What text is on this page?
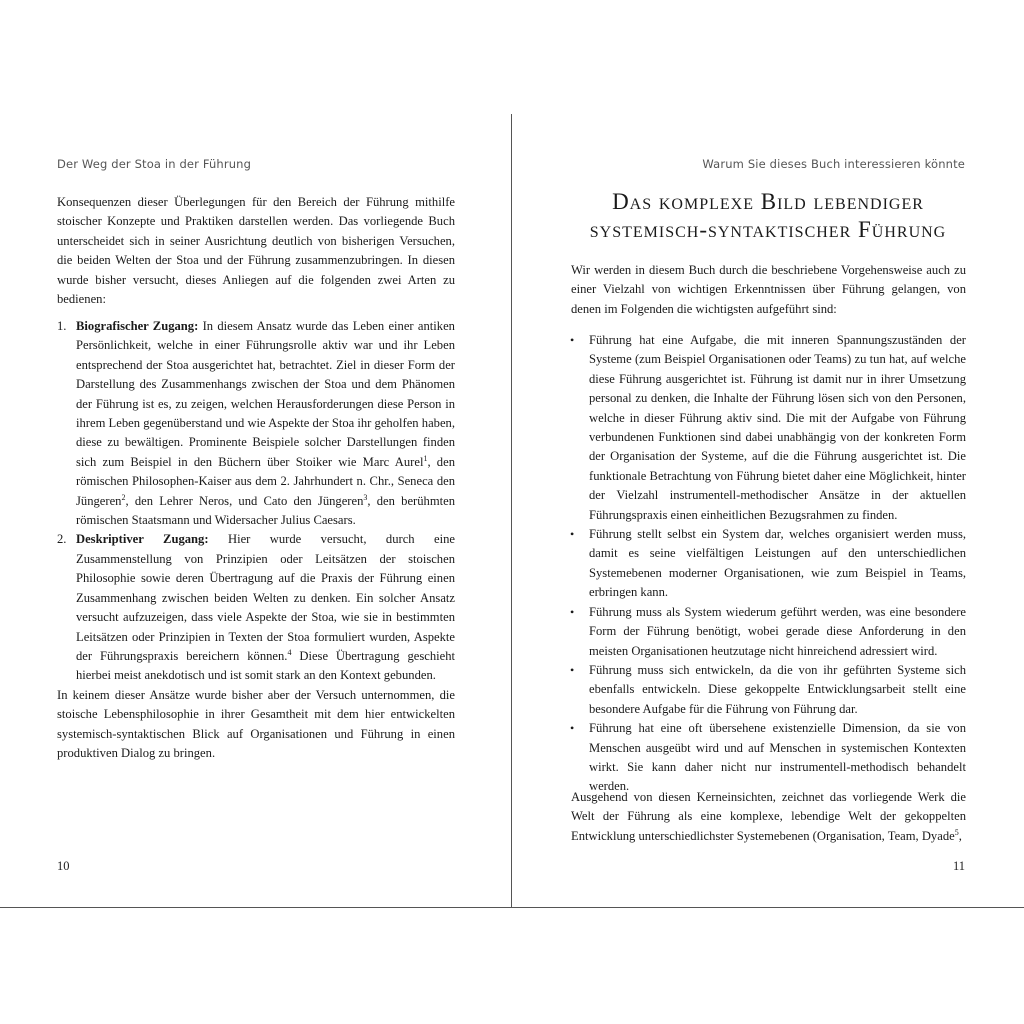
Der Weg der Stoa in der Führung

Konsequenzen dieser Überlegungen für den Bereich der Führung mithilfe stoischer Konzepte und Praktiken darstellen werden. Das vorliegende Buch unterscheidet sich in seiner Ausrichtung deutlich von bisherigen Versuchen, die beiden Welten der Stoa und der Führung zusammenzubringen. In diesen wurde bisher versucht, dieses Anliegen auf die folgenden zwei Arten zu bedienen:

1. Biografischer Zugang: In diesem Ansatz wurde das Leben einer antiken Persönlichkeit, welche in einer Führungsrolle aktiv war und ihr Leben entsprechend der Stoa ausgerichtet hat, betrachtet. Ziel in dieser Form der Darstellung des Zusammenhangs zwischen der Stoa und dem Phänomen der Führung ist es, zu zeigen, welchen Herausforderungen diese Person in ihrem Leben gegenüberstand und wie Aspekte der Stoa ihr geholfen haben, diese zu bewältigen. Prominente Beispiele solcher Darstellungen finden sich zum Beispiel in den Büchern über Stoiker wie Marc Aurel$^1$, den römischen Philosophen-Kaiser aus dem 2. Jahrhundert n. Chr., Seneca den Jüngeren$^2$, den Lehrer Neros, und Cato den Jüngeren$^3$, den berühmten römischen Staatsmann und Widersacher Julius Caesars.
2. Deskriptiver Zugang: Hier wurde versucht, durch eine Zusammenstellung von Prinzipien oder Leitsätzen der stoischen Philosophie sowie deren Übertragung auf die Praxis der Führung einen Zusammenhang zwischen beiden Welten zu denken. Ein solcher Ansatz versucht aufzuzeigen, dass viele Aspekte der Stoa, wie sie in bestimmten Leitsätzen oder Prinzipien in Texten der Stoa formuliert wurden, Aspekte der Führungspraxis bereichern können.$^4$ Diese Übertragung geschieht hierbei meist anekdotisch und ist somit stark an den Kontext gebunden.

In keinem dieser Ansätze wurde bisher aber der Versuch unternommen, die stoische Lebensphilosophie in ihrer Gesamtheit mit dem hier entwickelten systemisch-syntaktischen Blick auf Organisationen und Führung in einen produktiven Dialog zu bringen.

10
Warum Sie dieses Buch interessieren könnte
Das komplexe Bild lebendiger
systemisch-syntaktischer Führung

Wir werden in diesem Buch durch die beschriebene Vorgehensweise auch zu einer Vielzahl von wichtigen Erkenntnissen über Führung gelangen, von denen im Folgenden die wichtigsten aufgeführt sind:

• Führung hat eine Aufgabe, die mit inneren Spannungszuständen der Systeme (zum Beispiel Organisationen oder Teams) zu tun hat, auf welche diese Führung ausgerichtet ist. Führung ist damit nur in ihrer Umsetzung personal zu denken, die Inhalte der Führung lösen sich von den Personen, welche in dieser Führung aktiv sind. Die mit der Aufgabe von Führung verbundenen Funktionen sind dabei unabhängig von der konkreten Form der Organisation der Systeme, auf die die Führung ausgerichtet ist. Die funktionale Betrachtung von Führung bietet daher eine Möglichkeit, hinter der Vielzahl instrumentell-methodischer Ansätze in der aktuellen Führungspraxis einen einheitlichen Bezugsrahmen zu finden.
• Führung stellt selbst ein System dar, welches organisiert werden muss, damit es seine vielfältigen Leistungen auf den unterschiedlichen Systemebenen moderner Organisationen, wie zum Beispiel in Teams, erbringen kann.
• Führung muss als System wiederum geführt werden, was eine besondere Form der Führung benötigt, wobei gerade diese Anforderung in den meisten Organisationen heutzutage nicht hinreichend adressiert wird.
• Führung muss sich entwickeln, da die von ihr geführten Systeme sich ebenfalls entwickeln. Diese gekoppelte Entwicklungsarbeit stellt eine besondere Aufgabe für die Führung von Führung dar.
• Führung hat eine oft übersehene existenzielle Dimension, da sie von Menschen ausgeübt wird und auf Menschen in systemischen Kontexten wirkt. Sie kann daher nicht nur instrumentell-methodisch behandelt werden.

Ausgehend von diesen Kerneinsichten, zeichnet das vorliegende Werk die Welt der Führung als eine komplexe, lebendige Welt der gekoppelten Entwicklung unterschiedlichster Systemebenen (Organisation, Team, Dyade$^5$,

11
